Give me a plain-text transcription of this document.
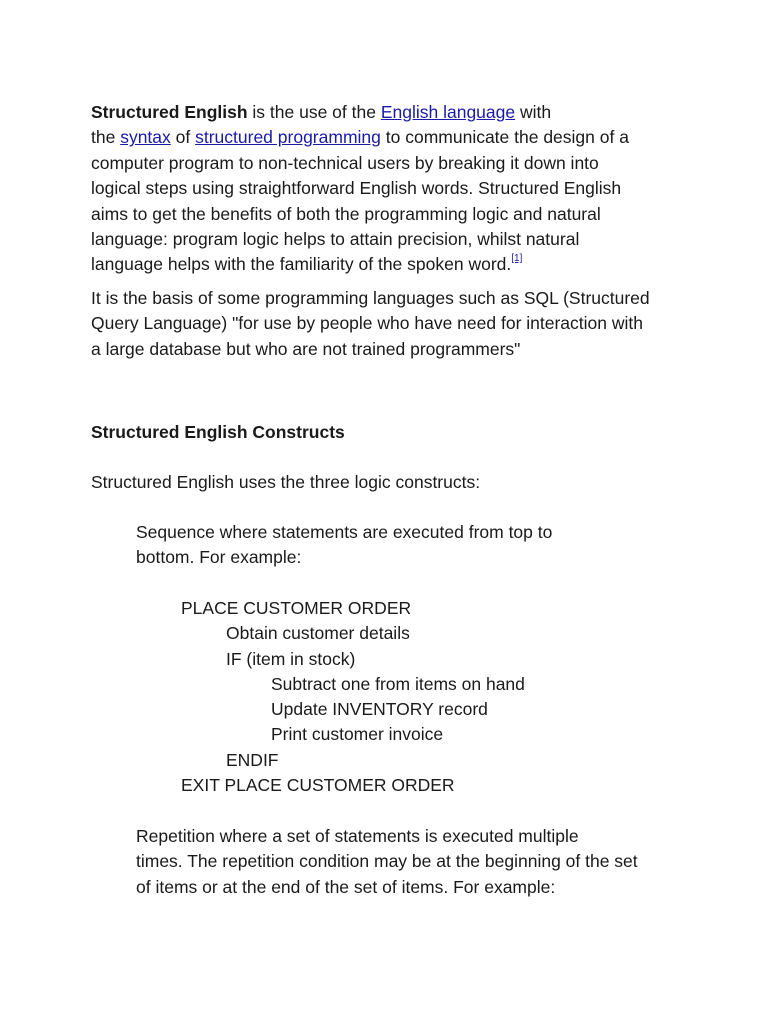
Structured English is the use of the English language with
the syntax of structured programming to communicate the design of a
computer program to non-technical users by breaking it down into
logical steps using straightforward English words. Structured English
aims to get the benefits of both the programming logic and natural
language: program logic helps to attain precision, whilst natural
language helps with the familiarity of the spoken word.[1]

It is the basis of some programming languages such as SQL (Structured
Query Language) "for use by people who have need for interaction with
a large database but who are not trained programmers"

Structured English Constructs
Structured English uses the three logic constructs:
Sequence where statements are executed from top to
bottom. For example:
PLACE CUSTOMER ORDER
Obtain customer details
IF (item in stock)
Subtract one from items on hand
Update INVENTORY record
Print customer invoice
ENDIF
EXIT PLACE CUSTOMER ORDER
Repetition where a set of statements is executed multiple
times. The repetition condition may be at the beginning of the set
of items or at the end of the set of items. For example:
